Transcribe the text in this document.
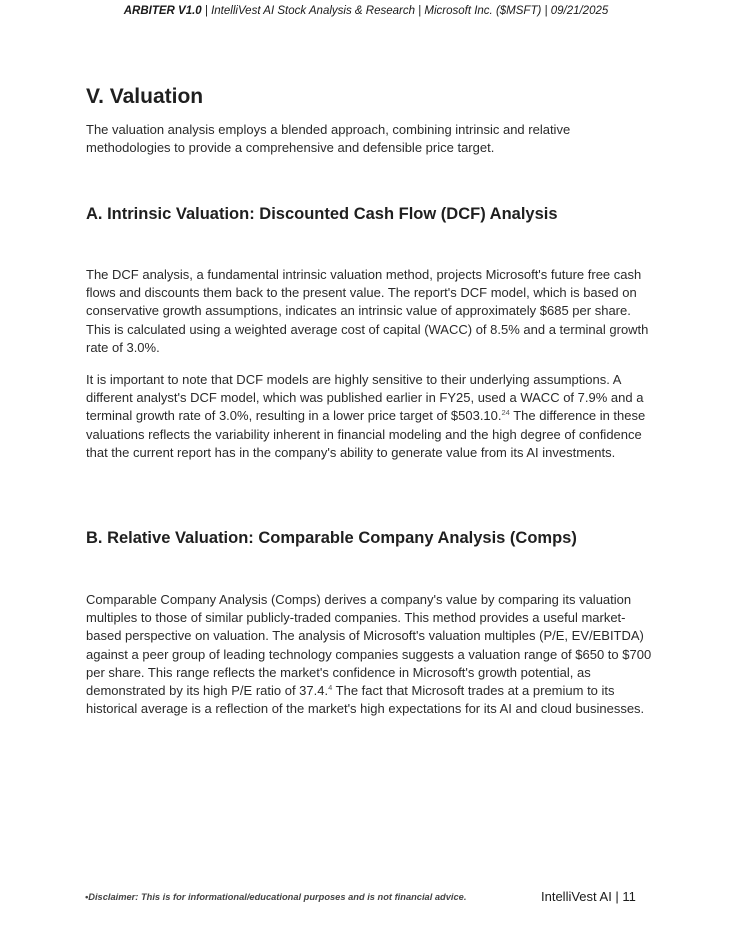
ARBITER V1.0 | IntelliVest AI Stock Analysis & Research | Microsoft Inc. ($MSFT) | 09/21/2025
V. Valuation

The valuation analysis employs a blended approach, combining intrinsic and relative methodologies to provide a comprehensive and defensible price target.

A. Intrinsic Valuation: Discounted Cash Flow (DCF) Analysis

The DCF analysis, a fundamental intrinsic valuation method, projects Microsoft's future free cash flows and discounts them back to the present value. The report's DCF model, which is based on conservative growth assumptions, indicates an intrinsic value of approximately $685 per share. This is calculated using a weighted average cost of capital (WACC) of 8.5% and a terminal growth rate of 3.0%.

It is important to note that DCF models are highly sensitive to their underlying assumptions. A different analyst's DCF model, which was published earlier in FY25, used a WACC of 7.9% and a terminal growth rate of 3.0%, resulting in a lower price target of $503.10.24 The difference in these valuations reflects the variability inherent in financial modeling and the high degree of confidence that the current report has in the company's ability to generate value from its AI investments.

B. Relative Valuation: Comparable Company Analysis (Comps)

Comparable Company Analysis (Comps) derives a company's value by comparing its valuation multiples to those of similar publicly-traded companies. This method provides a useful market-based perspective on valuation. The analysis of Microsoft's valuation multiples (P/E, EV/EBITDA) against a peer group of leading technology companies suggests a valuation range of $650 to $700 per share. This range reflects the market's confidence in Microsoft's growth potential, as demonstrated by its high P/E ratio of 37.4.$^4$ The fact that Microsoft trades at a premium to its historical average is a reflection of the market's high expectations for its AI and cloud businesses.

•Disclaimer: This is for informational/educational purposes and is not financial advice.	IntelliVest AI | 11
